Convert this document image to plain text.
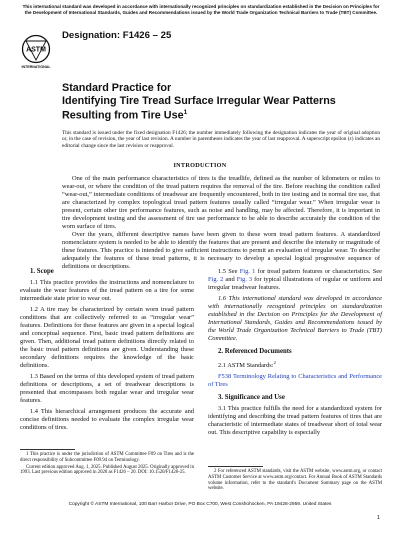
This international standard was developed in accordance with internationally recognized principles on standardization established in the Decision on Principles for the Development of International Standards, Guides and Recommendations issued by the World Trade Organization Technical Barriers to Trade (TBT) Committee.
ASTM
INTERNATIONAL
Designation: F1426 – 25
Standard Practice for
Identifying Tire Tread Surface Irregular Wear Patterns
Resulting from Tire Use$^1$
This standard is issued under the fixed designation F1426; the number immediately following the designation indicates the year of original adoption or, in the case of revision, the year of last revision. A number in parentheses indicates the year of last reapproval. A superscript epsilon (ε) indicates an editorial change since the last revision or reapproval.
INTRODUCTION

One of the main performance characteristics of tires is the treadlife, defined as the number of kilometers or miles to wear-out, or where the condition of the tread pattern requires the removal of the tire. Before reaching the condition called “wear-out,” intermediate conditions of treadwear are frequently encountered, both in tire testing and in normal tire use, that are characterized by complex topological tread pattern features usually called “irregular wear.” When irregular wear is present, certain other tire performance features, such as noise and handling, may be affected. Therefore, it is important in tire development testing and the assessment of tire use performance to be able to describe accurately the condition of the worn surface of tires.

Over the years, different descriptive names have been given to these worn tread pattern features. A standardized nomenclature system is needed to be able to identify the features that are present and describe the intensity or magnitude of these features. This practice is intended to give sufficient instructions to permit an evaluation of irregular wear. To describe adequately the features of these tread patterns, it is necessary to develop a special logical progressive sequence of definitions or descriptions.

1. Scope

1.1 This practice provides the instructions and nomenclature to evaluate the wear features of the tread pattern on a tire for some intermediate state prior to wear out.

1.2 A tire may be characterized by certain worn tread pattern conditions that are collectively referred to as “irregular wear” features. Definitions for these features are given in a special logical and conceptual sequence. First, basic tread pattern definitions are given. Then, additional tread pattern definitions directly related to the basic tread pattern definitions are given. Understanding these secondary definitions requires the knowledge of the basic definitions.

1.3 Based on the terms of this developed system of tread pattern definitions or descriptions, a set of treadwear descriptions is presented that encompasses both regular wear and irregular wear features.

1.4 This hierarchical arrangement produces the accurate and concise definitions needed to evaluate the complex irregular wear conditions of tires.

1 This practice is under the jurisdiction of ASTM Committee F09 on Tires and is the direct responsibility of Subcommittee F09.94 on Terminology.

Current edition approved Aug. 1, 2025. Published August 2025. Originally approved in 1993. Last previous edition approved in 2020 as F1426 – 20. DOI: 10.1520/F1426-25.

1.5 See Fig. 1 for tread pattern features or characteristics. See Fig. 2 and Fig. 3 for typical illustrations of regular or uniform and irregular treadwear features.

1.6 This international standard was developed in accordance with internationally recognized principles on standardization established in the Decision on Principles for the Development of International Standards, Guides and Recommendations issued by the World Trade Organization Technical Barriers to Trade (TBT) Committee.

2. Referenced Documents

2.1 ASTM Standards:$^2$

F538 Terminology Relating to Characteristics and Performance of Tires

3. Significance and Use

3.1 This practice fulfills the need for a standardized system for identifying and describing the tread pattern features of tires that are characteristic of intermediate states of treadwear short of total wear out. This descriptive capability is especially

2 For referenced ASTM standards, visit the ASTM website, www.astm.org, or contact ASTM Customer Service at www.astm.org/contact. For Annual Book of ASTM Standards volume information, refer to the standard's Document Summary page on the ASTM website.

Copyright © ASTM International, 100 Barr Harbor Drive, PO Box C700, West Conshohocken, PA 19428-2959. United States
1
